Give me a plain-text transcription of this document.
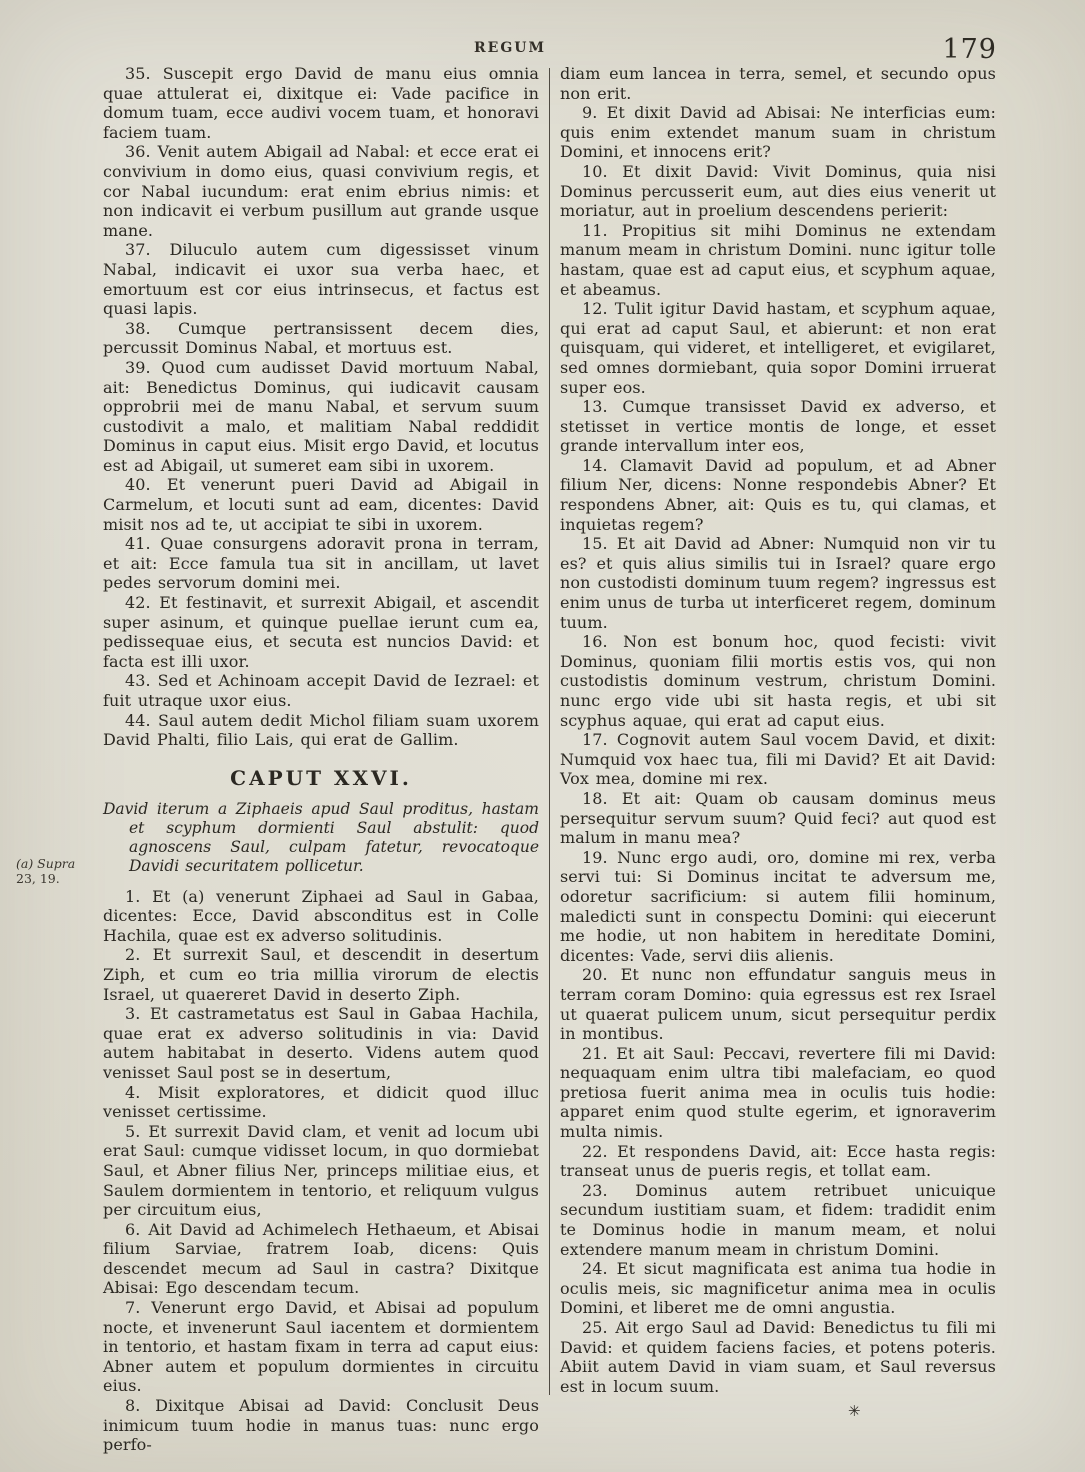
REGUM	179
(a) Supra
23, 19.

35. Suscepit ergo David de manu eius omnia quae attulerat ei, dixitque ei: Vade pacifice in domum tuam, ecce audivi vocem tuam, et honoravi faciem tuam.

36. Venit autem Abigail ad Nabal: et ecce erat ei convivium in domo eius, quasi convivium regis, et cor Nabal iucundum: erat enim ebrius nimis: et non indicavit ei verbum pusillum aut grande usque mane.

37. Diluculo autem cum digessisset vinum Nabal, indicavit ei uxor sua verba haec, et emortuum est cor eius intrinsecus, et factus est quasi lapis.

38. Cumque pertransissent decem dies, percussit Dominus Nabal, et mortuus est.

39. Quod cum audisset David mortuum Nabal, ait: Benedictus Dominus, qui iudicavit causam opprobrii mei de manu Nabal, et servum suum custodivit a malo, et malitiam Nabal reddidit Dominus in caput eius. Misit ergo David, et locutus est ad Abigail, ut sumeret eam sibi in uxorem.

40. Et venerunt pueri David ad Abigail in Carmelum, et locuti sunt ad eam, dicentes: David misit nos ad te, ut accipiat te sibi in uxorem.

41. Quae consurgens adoravit prona in terram, et ait: Ecce famula tua sit in ancillam, ut lavet pedes servorum domini mei.

42. Et festinavit, et surrexit Abigail, et ascendit super asinum, et quinque puellae ierunt cum ea, pedissequae eius, et secuta est nuncios David: et facta est illi uxor.

43. Sed et Achinoam accepit David de Iezrael: et fuit utraque uxor eius.

44. Saul autem dedit Michol filiam suam uxorem David Phalti, filio Lais, qui erat de Gallim.

CAPUT XXVI.

David iterum a Ziphaeis apud Saul proditus, hastam et scyphum dormienti Saul abstulit: quod agnoscens Saul, culpam fatetur, revocatoque Davidi securitatem pollicetur.

1. Et (a) venerunt Ziphaei ad Saul in Gabaa, dicentes: Ecce, David absconditus est in Colle Hachila, quae est ex adverso solitudinis.

2. Et surrexit Saul, et descendit in desertum Ziph, et cum eo tria millia virorum de electis Israel, ut quaereret David in deserto Ziph.

3. Et castrametatus est Saul in Gabaa Hachila, quae erat ex adverso solitudinis in via: David autem habitabat in deserto. Videns autem quod venisset Saul post se in desertum,

4. Misit exploratores, et didicit quod illuc venisset certissime.

5. Et surrexit David clam, et venit ad locum ubi erat Saul: cumque vidisset locum, in quo dormiebat Saul, et Abner filius Ner, princeps militiae eius, et Saulem dormientem in tentorio, et reliquum vulgus per circuitum eius,

6. Ait David ad Achimelech Hethaeum, et Abisai filium Sarviae, fratrem Ioab, dicens: Quis descendet mecum ad Saul in castra? Dixitque Abisai: Ego descendam tecum.

7. Venerunt ergo David, et Abisai ad populum nocte, et invenerunt Saul iacentem et dormientem in tentorio, et hastam fixam in terra ad caput eius: Abner autem et populum dormientes in circuitu eius.

8. Dixitque Abisai ad David: Conclusit Deus inimicum tuum hodie in manus tuas: nunc ergo perfo-

diam eum lancea in terra, semel, et secundo opus non erit.

9. Et dixit David ad Abisai: Ne interficias eum: quis enim extendet manum suam in christum Domini, et innocens erit?

10. Et dixit David: Vivit Dominus, quia nisi Dominus percusserit eum, aut dies eius venerit ut moriatur, aut in proelium descendens perierit:

11. Propitius sit mihi Dominus ne extendam manum meam in christum Domini. nunc igitur tolle hastam, quae est ad caput eius, et scyphum aquae, et abeamus.

12. Tulit igitur David hastam, et scyphum aquae, qui erat ad caput Saul, et abierunt: et non erat quisquam, qui videret, et intelligeret, et evigilaret, sed omnes dormiebant, quia sopor Domini irruerat super eos.

13. Cumque transisset David ex adverso, et stetisset in vertice montis de longe, et esset grande intervallum inter eos,

14. Clamavit David ad populum, et ad Abner filium Ner, dicens: Nonne respondebis Abner? Et respondens Abner, ait: Quis es tu, qui clamas, et inquietas regem?

15. Et ait David ad Abner: Numquid non vir tu es? et quis alius similis tui in Israel? quare ergo non custodisti dominum tuum regem? ingressus est enim unus de turba ut interficeret regem, dominum tuum.

16. Non est bonum hoc, quod fecisti: vivit Dominus, quoniam filii mortis estis vos, qui non custodistis dominum vestrum, christum Domini. nunc ergo vide ubi sit hasta regis, et ubi sit scyphus aquae, qui erat ad caput eius.

17. Cognovit autem Saul vocem David, et dixit: Numquid vox haec tua, fili mi David? Et ait David: Vox mea, domine mi rex.

18. Et ait: Quam ob causam dominus meus persequitur servum suum? Quid feci? aut quod est malum in manu mea?

19. Nunc ergo audi, oro, domine mi rex, verba servi tui: Si Dominus incitat te adversum me, odoretur sacrificium: si autem filii hominum, maledicti sunt in conspectu Domini: qui eiecerunt me hodie, ut non habitem in hereditate Domini, dicentes: Vade, servi diis alienis.

20. Et nunc non effundatur sanguis meus in terram coram Domino: quia egressus est rex Israel ut quaerat pulicem unum, sicut persequitur perdix in montibus.

21. Et ait Saul: Peccavi, revertere fili mi David: nequaquam enim ultra tibi malefaciam, eo quod pretiosa fuerit anima mea in oculis tuis hodie: apparet enim quod stulte egerim, et ignoraverim multa nimis.

22. Et respondens David, ait: Ecce hasta regis: transeat unus de pueris regis, et tollat eam.

23. Dominus autem retribuet unicuique secundum iustitiam suam, et fidem: tradidit enim te Dominus hodie in manum meam, et nolui extendere manum meam in christum Domini.

24. Et sicut magnificata est anima tua hodie in oculis meis, sic magnificetur anima mea in oculis Domini, et liberet me de omni angustia.

25. Ait ergo Saul ad David: Benedictus tu fili mi David: et quidem faciens facies, et potens poteris. Abiit autem David in viam suam, et Saul reversus est in locum suum.

✳
